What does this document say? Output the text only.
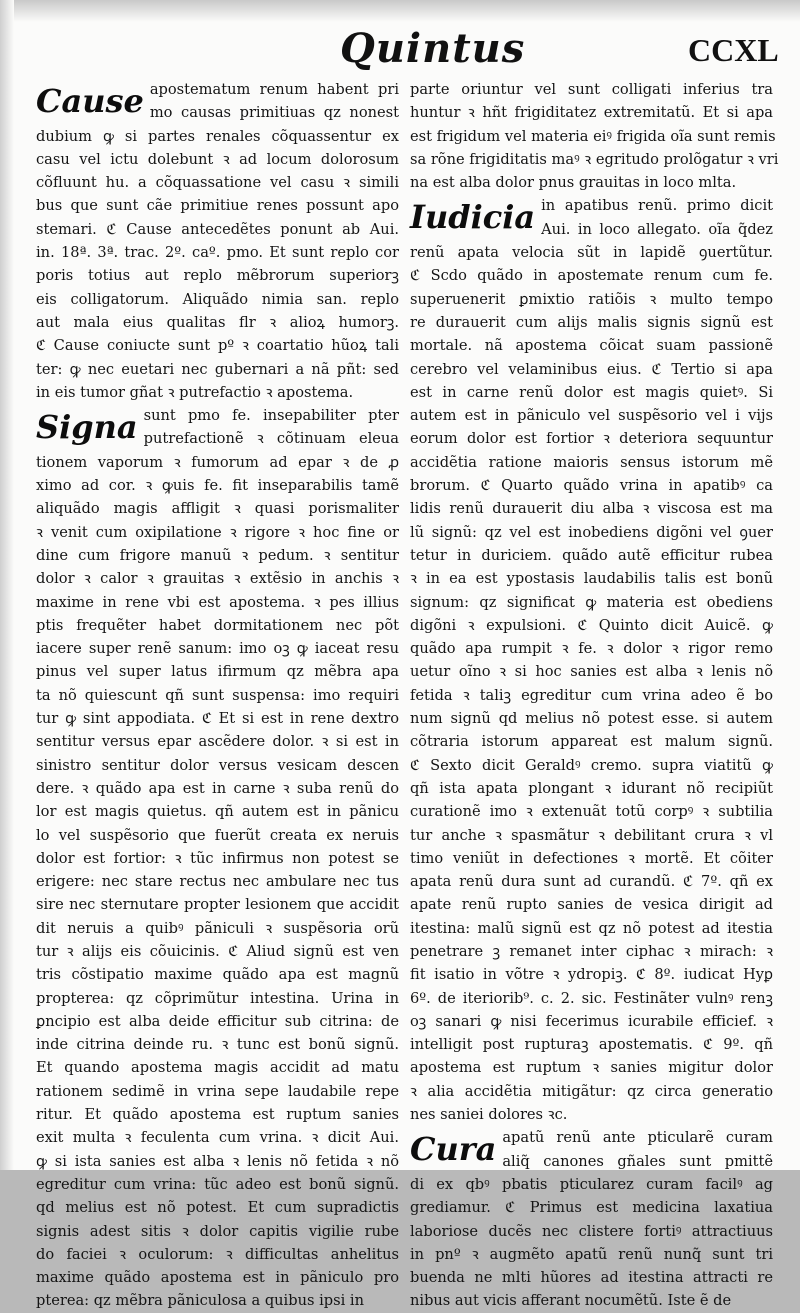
Quintus	CCXL
Cause apostematum renum habent pri
mo causas primitiuas qz nonest
dubium ꝙ si partes renales cõquassentur ex
casu vel ictu dolebunt ꝛ ad locum dolorosum
cõfluunt hu. a cõquassatione vel casu ꝛ simili
bus que sunt cãe primitiue renes possunt apo
stemari. ℭ Cause antecedẽtes ponunt ab Aui.
in. 18ª. 3ª. trac. 2º. caº. pmo. Et sunt replo cor
poris totius aut replo mẽbrorum superiorꝫ
eis colligatorum. Aliquãdo nimia san. replo
aut mala eius qualitas flr ꝛ alioꝝ humorꝫ.
ℭ Cause coniucte sunt pº ꝛ coartatio hũoꝝ tali
ter: ꝙ nec euetari nec gubernari a nã pñt: sed
in eis tumor gñat ꝛ putrefactio ꝛ apostema.
Signa sunt pmo fe. insepabiliter pter
putrefactionẽ ꝛ cõtinuam eleua
tionem vaporum ꝛ fumorum ad epar ꝛ de ꝓ
ximo ad cor. ꝛ ꝙuis fe. fit inseparabilis tamẽ
aliquãdo magis affligit ꝛ quasi porismaliter
ꝛ venit cum oxipilatione ꝛ rigore ꝛ hoc fine or
dine cum frigore manuũ ꝛ pedum. ꝛ sentitur
dolor ꝛ calor ꝛ grauitas ꝛ extẽsio in anchis ꝛ
maxime in rene vbi est apostema. ꝛ pes illius
ptis frequẽter habet dormitationem nec põt
iacere super renẽ sanum: imo oꝫ ꝙ iaceat resu
pinus vel super latus ifirmum qz mẽbra apa
ta nõ quiescunt qñ sunt suspensa: imo requiri
tur ꝙ sint appodiata. ℭ Et si est in rene dextro
sentitur versus epar ascẽdere dolor. ꝛ si est in
sinistro sentitur dolor versus vesicam descen
dere. ꝛ quãdo apa est in carne ꝛ suba renũ do
lor est magis quietus. qñ autem est in pãnicu
lo vel suspẽsorio que fuerũt creata ex neruis
dolor est fortior: ꝛ tũc infirmus non potest se
erigere: nec stare rectus nec ambulare nec tus
sire nec sternutare propter lesionem que accidit
dit neruis a quibꝰ pãniculi ꝛ suspẽsoria orũ
tur ꝛ alijs eis cõuicinis. ℭ Aliud signũ est ven
tris cõstipatio maxime quãdo apa est magnũ
propterea: qz cõprimũtur intestina. Urina in
ꝑncipio est alba deide efficitur sub citrina: de
inde citrina deinde ru. ꝛ tunc est bonũ signũ.
Et quando apostema magis accidit ad matu
rationem sedimẽ in vrina sepe laudabile repe
ritur. Et quãdo apostema est ruptum sanies
exit multa ꝛ feculenta cum vrina. ꝛ dicit Aui.
ꝙ si ista sanies est alba ꝛ lenis nõ fetida ꝛ nõ
egreditur cum vrina: tũc adeo est bonũ signũ.
qd melius est nõ potest. Et cum supradictis
signis adest sitis ꝛ dolor capitis vigilie rube
do faciei ꝛ oculorum: ꝛ difficultas anhelitus
maxime quãdo apostema est in pãniculo pro
pterea: qz mẽbra pãniculosa a quibus ipsi in
parte oriuntur vel sunt colligati inferius tra
huntur ꝛ hñt frigiditatez extremitatũ. Et si apa
est frigidum vel materia eiꝰ frigida oĩa sunt remis
sa rõne frigiditatis maꝰ ꝛ egritudo prolõgatur ꝛ vri
na est alba dolor pnus grauitas in loco mlta.
Iudicia in apatibus renũ. primo dicit
Aui. in loco allegato. oĩa q̃dez
renũ apata velocia sũt in lapidẽ ꝯuertũtur.
ℭ Scdo quãdo in apostemate renum cum fe.
superuenerit ꝑmixtio ratiõis ꝛ multo tempo
re durauerit cum alijs malis signis signũ est
mortale. nã apostema cõicat suam passionẽ
cerebro vel velaminibus eius. ℭ Tertio si apa
est in carne renũ dolor est magis quietꝰ. Si
autem est in pãniculo vel suspẽsorio vel i vijs
eorum dolor est fortior ꝛ deteriora sequuntur
accidẽtia ratione maioris sensus istorum mẽ
brorum. ℭ Quarto quãdo vrina in apatibꝰ ca
lidis renũ durauerit diu alba ꝛ viscosa est ma
lũ signũ: qz vel est inobediens digõni vel ꝯuer
tetur in duriciem. quãdo autẽ efficitur rubea
ꝛ in ea est ypostasis laudabilis talis est bonũ
signum: qz significat ꝙ materia est obediens
digõni ꝛ expulsioni. ℭ Quinto dicit Auicẽ. ꝙ
quãdo apa rumpit ꝛ fe. ꝛ dolor ꝛ rigor remo
uetur oĩno ꝛ si hoc sanies est alba ꝛ lenis nõ
fetida ꝛ taliꝫ egreditur cum vrina adeo ẽ bo
num signũ qd melius nõ potest esse. si autem
cõtraria istorum appareat est malum signũ.
ℭ Sexto dicit Geraldꝰ cremo. supra viatitũ ꝙ
qñ ista apata plongant ꝛ idurant nõ recipiũt
curationẽ imo ꝛ extenuãt totũ corpꝰ ꝛ subtilia
tur anche ꝛ spasmãtur ꝛ debilitant crura ꝛ vl
timo veniũt in defectiones ꝛ mortẽ. Et cõiter
apata renũ dura sunt ad curandũ. ℭ 7º. qñ ex
apate renũ rupto sanies de vesica dirigit ad
itestina: malũ signũ est qz nõ potest ad itestia
penetrare ꝫ remanet inter ciphac ꝛ mirach: ꝛ
fit isatio in võtre ꝛ ydropiꝫ. ℭ 8º. iudicat Hyꝑ
6º. de iteriorib⁹. c. 2. sic. Festinãter vulnꝰ renꝫ
oꝫ sanari ꝙ nisi fecerimus icurabile efficief. ꝛ
intelligit post rupturaꝫ apostematis. ℭ 9º. qñ
apostema est ruptum ꝛ sanies migitur dolor
ꝛ alia accidẽtia mitigãtur: qz circa generatio
nes saniei dolores ꝛc.
Cura apatũ renũ ante pticularẽ curam
aliq̃ canones gñales sunt pmittẽ
di ex qbꝰ pbatis pticularez curam facilꝰ ag
grediamur. ℭ Primus est medicina laxatiua
laboriose ducẽs nec clistere fortiꝰ attractiuus
in pnº ꝛ augmẽto apatũ renũ nunq̃ sunt tri
buenda ne mlti hũores ad itestina attracti re
nibus aut vicis afferant nocumẽtũ. Iste ẽ de
